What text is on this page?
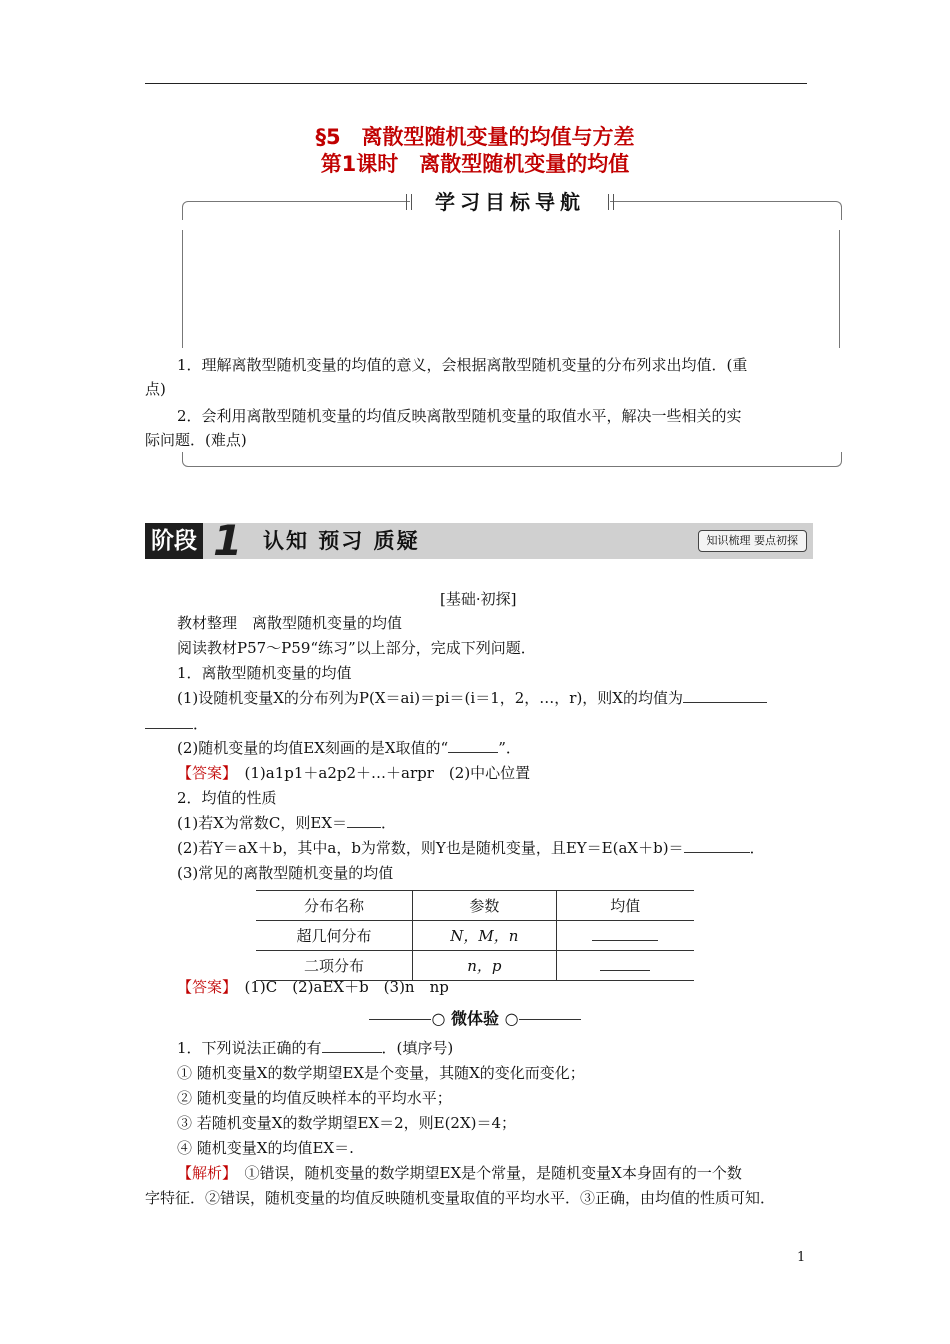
§5　离散型随机变量的均值与方差
第1课时　离散型随机变量的均值
学习目标导航

1．理解离散型随机变量的均值的意义，会根据离散型随机变量的分布列求出均值．(重

点)

2．会利用离散型随机变量的均值反映离散型随机变量的取值水平，解决一些相关的实

际问题．(难点)

阶段 1 认知 预习 质疑	知识梳理 要点初探

[基础·初探]

教材整理　离散型随机变量的均值

阅读教材P57～P59“练习”以上部分，完成下列问题．

1．离散型随机变量的均值

(1)设随机变量X的分布列为P(X＝ai)＝pi＝(i＝1，2，…，r)，则X的均值为

．

(2)随机变量的均值EX刻画的是X取值的“	”．

【答案】　 (1)a1p1＋a2p2＋…＋arpr　(2)中心位置

2．均值的性质

(1)若X为常数C，则EX＝ ．

(2)若Y＝aX＋b，其中a，b为常数，则Y也是随机变量，且EY＝E(aX＋b)＝	．

(3)常见的离散型随机变量的均值

分布名称	参数	均值
超几何分布	N，M，n	
二项分布	n，p	

【答案】　 (1)C　(2)aEX＋b　(3)n　np

○ 微体验 ○

1．下列说法正确的有	．(填序号)

① 随机变量X的数学期望EX是个变量，其随X的变化而变化；

② 随机变量的均值反映样本的平均水平；

③ 若随机变量X的数学期望EX＝2，则E(2X)＝4；

④ 随机变量X的均值EX＝.

【解析】　 ①错误，随机变量的数学期望EX是个常量，是随机变量X本身固有的一个数

字特征．②错误，随机变量的均值反映随机变量取值的平均水平．③正确，由均值的性质可知．

1
